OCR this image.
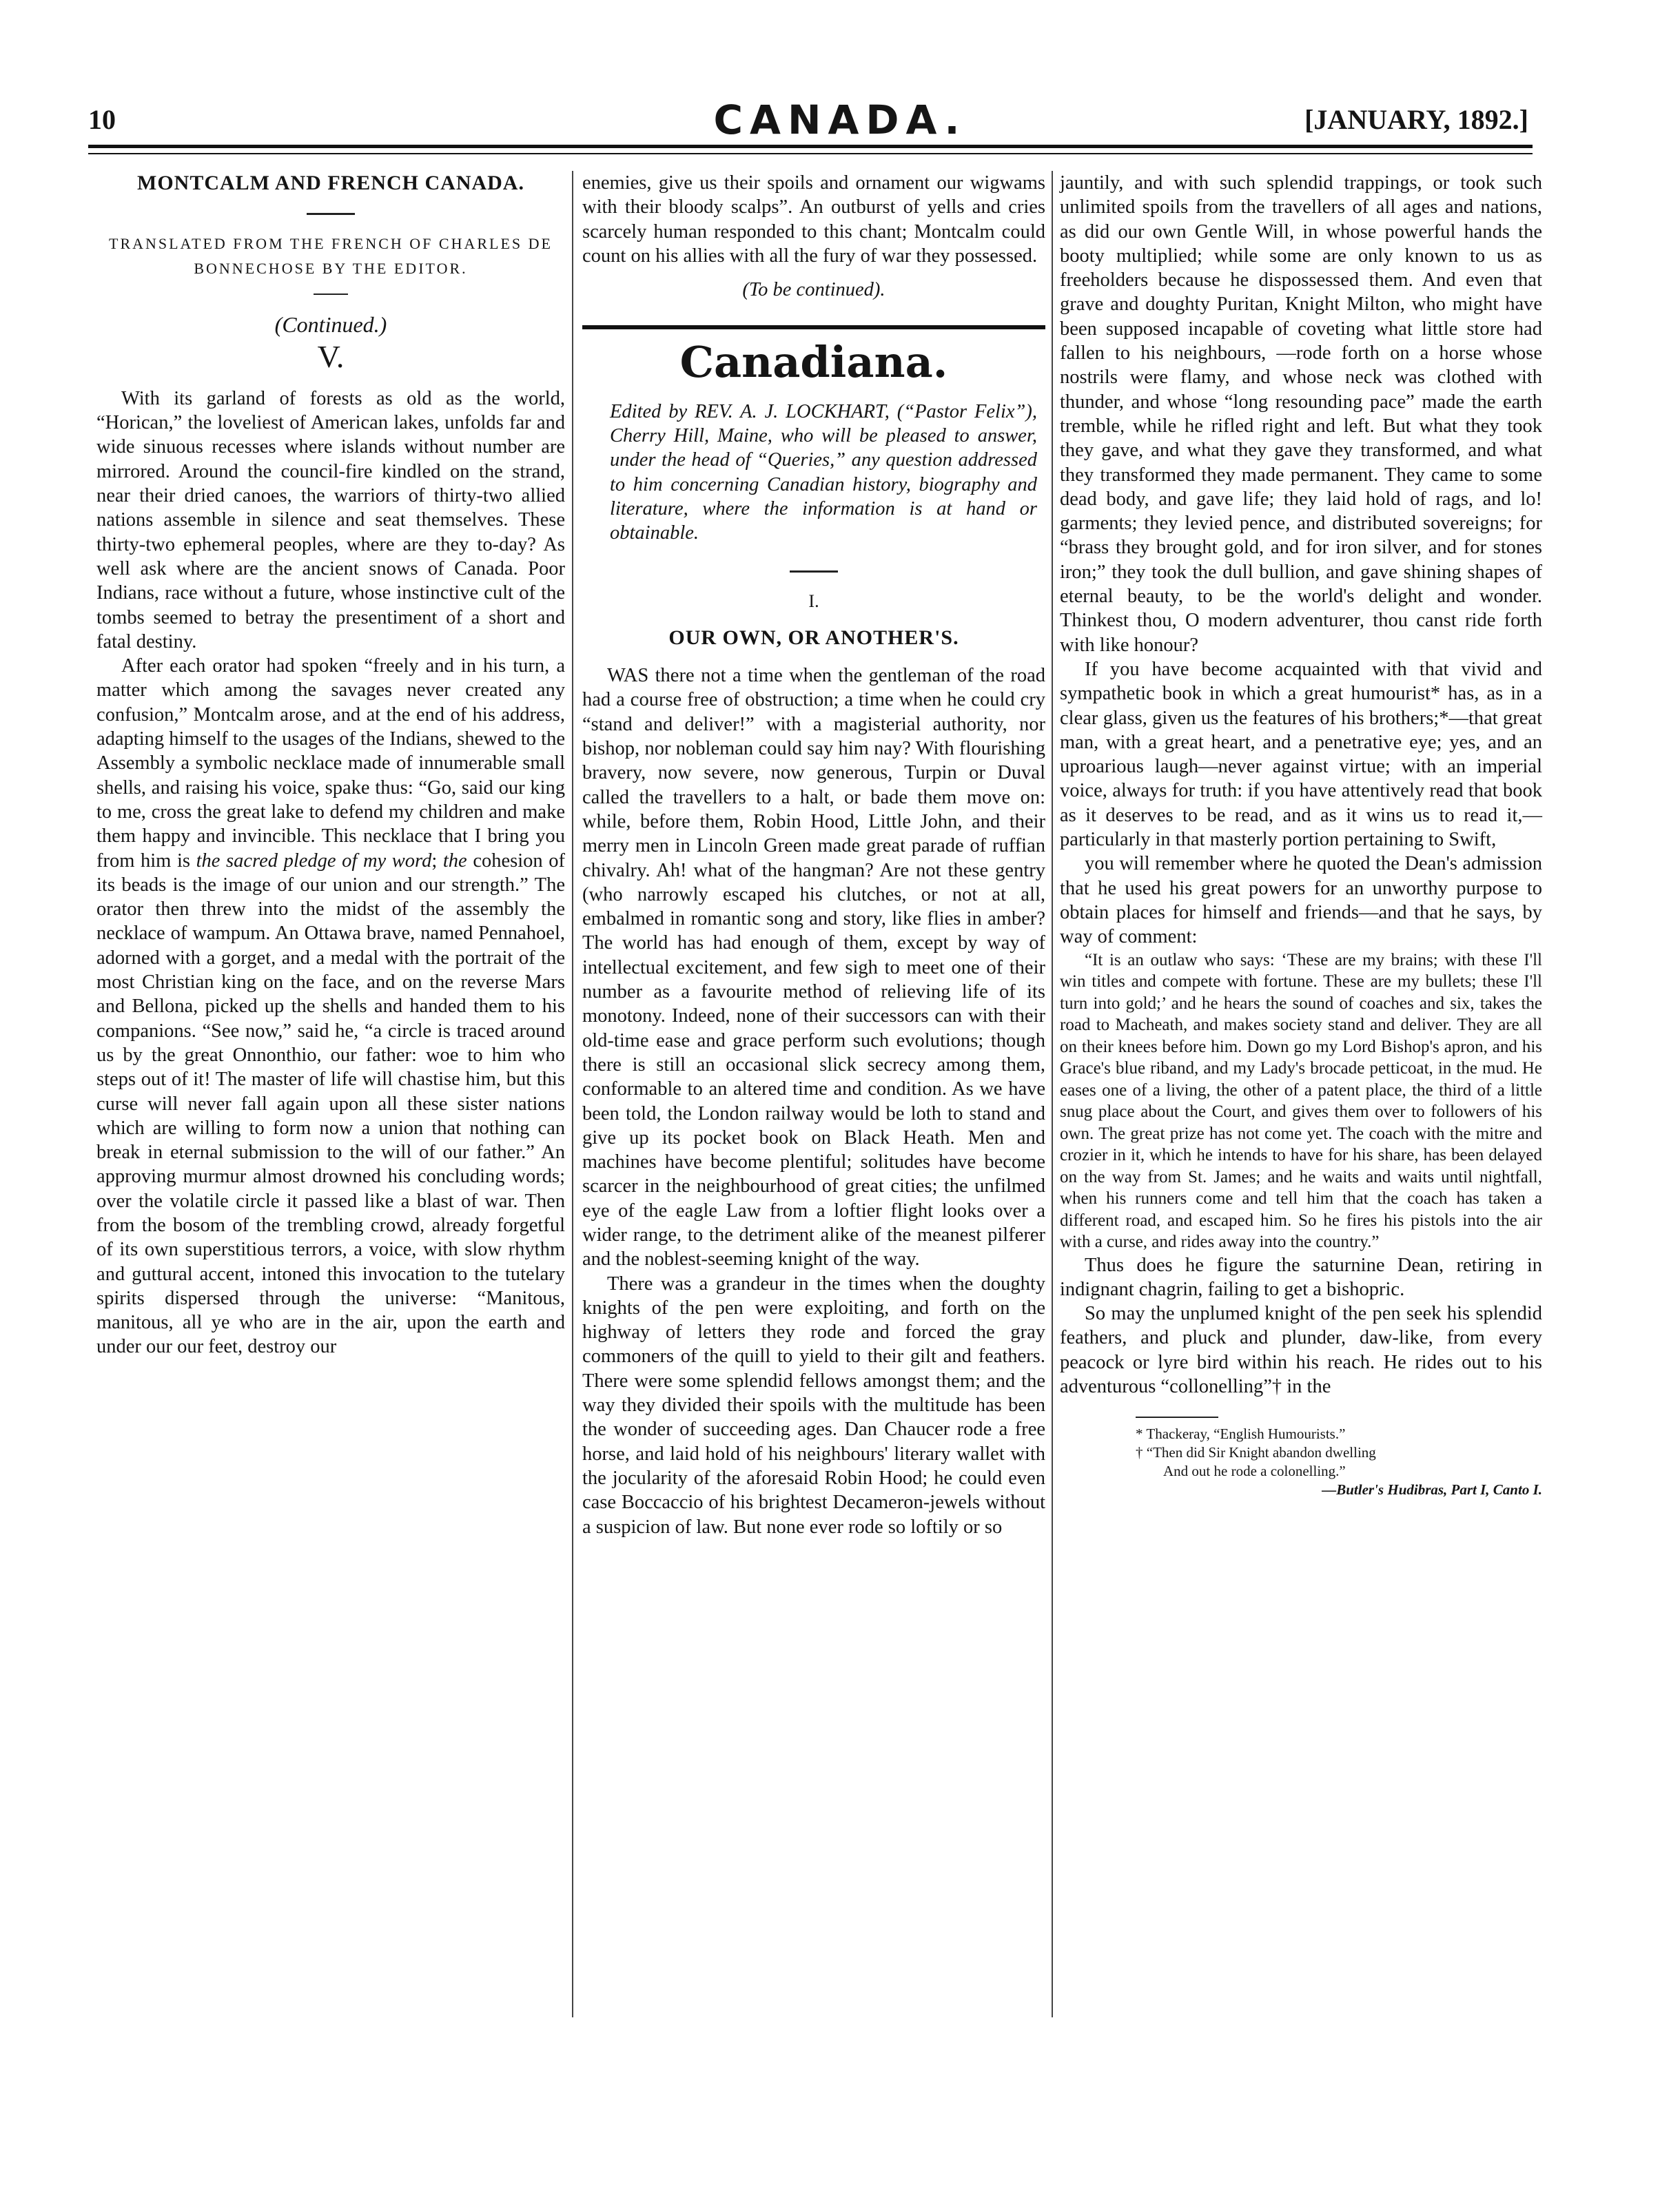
10	CANADA.	[JANUARY, 1892.]
MONTCALM AND FRENCH CANADA.
TRANSLATED FROM THE FRENCH OF CHARLES DE BONNECHOSE BY THE EDITOR.
(Continued.)
V.

With its garland of forests as old as the world, “Horican,” the loveliest of American lakes, unfolds far and wide sinuous recesses where islands without number are mirrored. Around the council-fire kindled on the strand, near their dried canoes, the warriors of thirty-two allied nations assemble in silence and seat themselves. These thirty-two ephemeral peoples, where are they to-day? As well ask where are the ancient snows of Canada. Poor Indians, race without a future, whose instinctive cult of the tombs seemed to betray the presentiment of a short and fatal destiny.

After each orator had spoken “freely and in his turn, a matter which among the savages never created any confusion,” Montcalm arose, and at the end of his address, adapting himself to the usages of the Indians, shewed to the Assembly a symbolic necklace made of innumerable small shells, and raising his voice, spake thus: “Go, said our king to me, cross the great lake to defend my children and make them happy and invincible. This necklace that I bring you from him is the sacred pledge of my word; the cohesion of its beads is the image of our union and our strength.” The orator then threw into the midst of the assembly the necklace of wampum. An Ottawa brave, named Pennahoel, adorned with a gorget, and a medal with the portrait of the most Christian king on the face, and on the reverse Mars and Bellona, picked up the shells and handed them to his companions. “See now,” said he, “a circle is traced around us by the great Onnonthio, our father: woe to him who steps out of it! The master of life will chastise him, but this curse will never fall again upon all these sister nations which are willing to form now a union that nothing can break in eternal submission to the will of our father.” An approving murmur almost drowned his concluding words; over the volatile circle it passed like a blast of war. Then from the bosom of the trembling crowd, already forgetful of its own superstitious terrors, a voice, with slow rhythm and guttural accent, intoned this invocation to the tutelary spirits dispersed through the universe: “Manitous, manitous, all ye who are in the air, upon the earth and under our our feet, destroy our

enemies, give us their spoils and ornament our wigwams with their bloody scalps”. An outburst of yells and cries scarcely human responded to this chant; Montcalm could count on his allies with all the fury of war they possessed.

(To be continued).
Canadiana.
Edited by REV. A. J. LOCKHART, (“Pastor Felix”), Cherry Hill, Maine, who will be pleased to answer, under the head of “Queries,” any question addressed to him concerning Canadian history, biography and literature, where the information is at hand or obtainable.
I.
OUR OWN, OR ANOTHER'S.

WAS there not a time when the gentleman of the road had a course free of obstruction; a time when he could cry “stand and deliver!” with a magisterial authority, nor bishop, nor nobleman could say him nay? With flourishing bravery, now severe, now generous, Turpin or Duval called the travellers to a halt, or bade them move on: while, before them, Robin Hood, Little John, and their merry men in Lincoln Green made great parade of ruffian chivalry. Ah! what of the hangman? Are not these gentry (who narrowly escaped his clutches, or not at all, embalmed in romantic song and story, like flies in amber? The world has had enough of them, except by way of intellectual excitement, and few sigh to meet one of their number as a favourite method of relieving life of its monotony. Indeed, none of their successors can with their old-time ease and grace perform such evolutions; though there is still an occasional slick secrecy among them, conformable to an altered time and condition. As we have been told, the London railway would be loth to stand and give up its pocket book on Black Heath. Men and machines have become plentiful; solitudes have become scarcer in the neighbourhood of great cities; the unfilmed eye of the eagle Law from a loftier flight looks over a wider range, to the detriment alike of the meanest pilferer and the noblest-seeming knight of the way.

There was a grandeur in the times when the doughty knights of the pen were exploiting, and forth on the highway of letters they rode and forced the gray commoners of the quill to yield to their gilt and feathers. There were some splendid fellows amongst them; and the way they divided their spoils with the multitude has been the wonder of succeeding ages. Dan Chaucer rode a free horse, and laid hold of his neighbours' literary wallet with the jocularity of the aforesaid Robin Hood; he could even case Boccaccio of his brightest Decameron-jewels without a suspicion of law. But none ever rode so loftily or so

jauntily, and with such splendid trappings, or took such unlimited spoils from the travellers of all ages and nations, as did our own Gentle Will, in whose powerful hands the booty multiplied; while some are only known to us as freeholders because he dispossessed them. And even that grave and doughty Puritan, Knight Milton, who might have been supposed incapable of coveting what little store had fallen to his neighbours, —rode forth on a horse whose nostrils were flamy, and whose neck was clothed with thunder, and whose “long resounding pace” made the earth tremble, while he rifled right and left. But what they took they gave, and what they gave they transformed, and what they transformed they made permanent. They came to some dead body, and gave life; they laid hold of rags, and lo! garments; they levied pence, and distributed sovereigns; for “brass they brought gold, and for iron silver, and for stones iron;” they took the dull bullion, and gave shining shapes of eternal beauty, to be the world's delight and wonder. Thinkest thou, O modern adventurer, thou canst ride forth with like honour?

If you have become acquainted with that vivid and sympathetic book in which a great humourist* has, as in a clear glass, given us the features of his brothers;*—that great man, with a great heart, and a penetrative eye; yes, and an uproarious laugh—never against virtue; with an imperial voice, always for truth: if you have attentively read that book as it deserves to be read, and as it wins us to read it,—particularly in that masterly portion pertaining to Swift,

you will remember where he quoted the Dean's admission that he used his great powers for an unworthy purpose to obtain places for himself and friends—and that he says, by way of comment:

“It is an outlaw who says: ‘These are my brains; with these I'll win titles and compete with fortune. These are my bullets; these I'll turn into gold;’ and he hears the sound of coaches and six, takes the road to Macheath, and makes society stand and deliver. They are all on their knees before him. Down go my Lord Bishop's apron, and his Grace's blue riband, and my Lady's brocade petticoat, in the mud. He eases one of a living, the other of a patent place, the third of a little snug place about the Court, and gives them over to followers of his own. The great prize has not come yet. The coach with the mitre and crozier in it, which he intends to have for his share, has been delayed on the way from St. James; and he waits and waits until nightfall, when his runners come and tell him that the coach has taken a different road, and escaped him. So he fires his pistols into the air with a curse, and rides away into the country.”

Thus does he figure the saturnine Dean, retiring in indignant chagrin, failing to get a bishopric.

So may the unplumed knight of the pen seek his splendid feathers, and pluck and plunder, daw-like, from every peacock or lyre bird within his reach. He rides out to his adventurous “collonelling”† in the

* Thackeray, “English Humourists.”
† “Then did Sir Knight abandon dwelling
And out he rode a colonelling.”
—Butler's Hudibras, Part I, Canto I.
